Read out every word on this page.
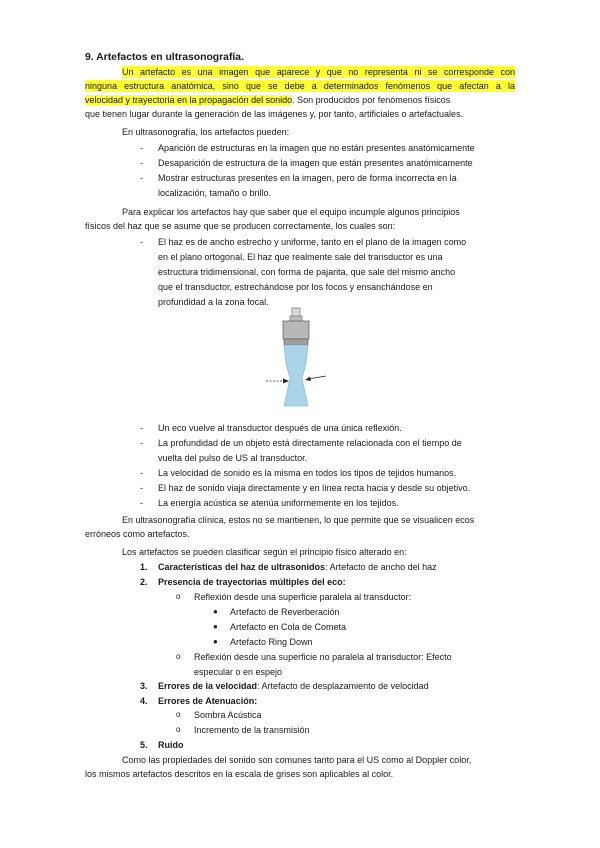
9. Artefactos en ultrasonografía.
Un artefacto es una imagen que aparece y que no representa ni se corresponde con
ninguna estructura anatómica, sino que se debe a determinados fenómenos que afectan a la
velocidad y trayectoria en la propagación del sonido. Son producidos por fenómenos físicos
que tienen lugar durante la generación de las imágenes y, por tanto, artificiales o artefactuales.
En ultrasonografía, los artefactos pueden:
- Aparición de estructuras en la imagen que no están presentes anatómicamente
- Desaparición de estructura de la imagen que están presentes anatómicamente
- Mostrar estructuras presentes en la imagen, pero de forma incorrecta en la
localización, tamaño o brillo.
Para explicar los artefactos hay que saber que el equipo incumple algunos principios
físicos del haz que se asume que se producen correctamente, los cuales son:
- El haz es de ancho estrecho y uniforme, tanto en el plano de la imagen como
en el plano ortogonal. El haz que realmente sale del transductor es una
estructura tridimensional, con forma de pajarita, que sale del mismo ancho
que el transductor, estrechándose por los focos y ensanchándose en
profundidad a la zona focal.
- Un eco vuelve al transductor después de una única reflexión.
- La profundidad de un objeto está directamente relacionada con el tiempo de
vuelta del pulso de US al transductor.
- La velocidad de sonido es la misma en todos los tipos de tejidos humanos.
- El haz de sonido viaja directamente y en línea recta hacia y desde su objetivo.
- La energía acústica se atenúa uniformemente en los tejidos.
En ultrasonografía clínica, estos no se mantienen, lo que permite que se visualicen ecos
erróneos como artefactos.
Los artefactos se pueden clasificar según el principio físico alterado en:
1. Características del haz de ultrasonidos: Artefacto de ancho del haz
2. Presencia de trayectorias múltiples del eco:
o Reflexión desde una superficie paralela al transductor:
● Artefacto de Reverberación
● Artefacto en Cola de Cometa
● Artefacto Ring Down
o Reflexión desde una superficie no paralela al transductor: Efecto
especular o en espejo
3. Errores de la velocidad: Artefacto de desplazamiento de velocidad
4. Errores de Atenuación:
o Sombra Acústica
o Incremento de la transmisión
5. Ruido
Como las propiedades del sonido son comunes tanto para el US como al Doppler color,
los mismos artefactos descritos en la escala de grises son aplicables al color.
